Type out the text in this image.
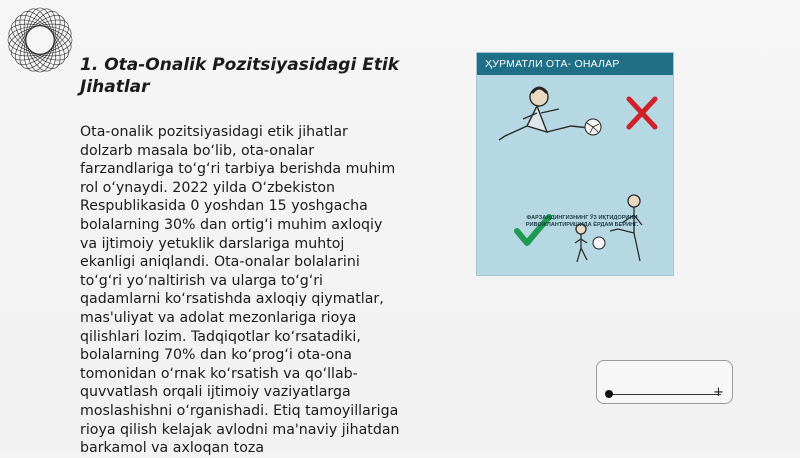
1. Ota-Onalik Pozitsiyasidagi Etik Jihatlar

Ota-onalik pozitsiyasidagi etik jihatlar dolzarb masala bo‘lib, ota-onalar farzandlariga to‘g‘ri tarbiya berishda muhim rol o‘ynaydi. 2022 yilda O‘zbekiston Respublikasida 0 yoshdan 15 yoshgacha bolalarning 30% dan ortig‘i muhim axloqiy va ijtimoiy yetuklik darslariga muhtoj ekanligi aniqlandi. Ota-onalar bolalarini to‘g‘ri yo‘naltirish va ularga to‘g‘ri qadamlarni ko‘rsatishda axloqiy qiymatlar, mas'uliyat va adolat mezonlariga rioya qilishlari lozim. Tadqiqotlar ko‘rsatadiki, bolalarning 70% dan ko‘prog‘i ota-ona tomonidan o‘rnak ko‘rsatish va qo‘llab-quvvatlash orqali ijtimoiy vaziyatlarga moslashishni o‘rganishadi. Etiq tamoyillariga rioya qilish kelajak avlodni ma'naviy jihatdan barkamol va axloqan toza

ҲУРМАТЛИ ОТА- ОНАЛАР
ФАРЗАНДИНГИЗНИНГ ЎЗ ИҚТИДОРИНИ РИВОЖЛАНТИРИШИДА ЁРДАМ БЕРИНГ.
+
